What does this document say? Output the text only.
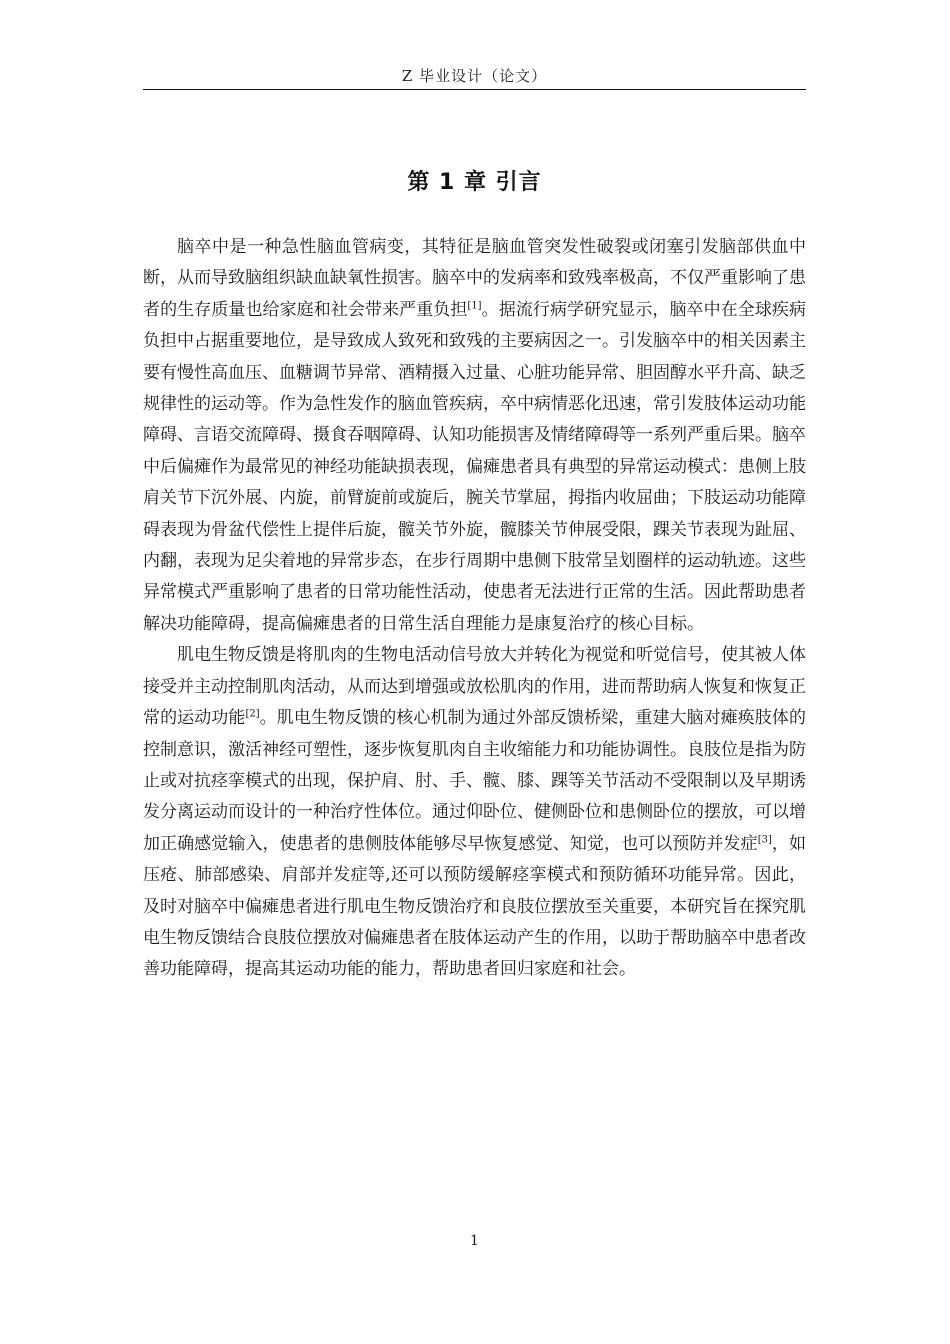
Z 毕业设计（论文）
第 1 章 引言

脑卒中是一种急性脑血管病变，其特征是脑血管突发性破裂或闭塞引发脑部供血中断，从而导致脑组织缺血缺氧性损害。脑卒中的发病率和致残率极高，不仅严重影响了患者的生存质量也给家庭和社会带来严重负担[1]。据流行病学研究显示，脑卒中在全球疾病负担中占据重要地位，是导致成人致死和致残的主要病因之一。引发脑卒中的相关因素主要有慢性高血压、血糖调节异常、酒精摄入过量、心脏功能异常、胆固醇水平升高、缺乏规律性的运动等。作为急性发作的脑血管疾病，卒中病情恶化迅速，常引发肢体运动功能障碍、言语交流障碍、摄食吞咽障碍、认知功能损害及情绪障碍等一系列严重后果。脑卒中后偏瘫作为最常见的神经功能缺损表现，偏瘫患者具有典型的异常运动模式：患侧上肢肩关节下沉外展、内旋，前臂旋前或旋后，腕关节掌屈，拇指内收屈曲；下肢运动功能障碍表现为骨盆代偿性上提伴后旋，髋关节外旋，髋膝关节伸展受限，踝关节表现为趾屈、内翻，表现为足尖着地的异常步态，在步行周期中患侧下肢常呈划圈样的运动轨迹。这些异常模式严重影响了患者的日常功能性活动，使患者无法进行正常的生活。因此帮助患者解决功能障碍，提高偏瘫患者的日常生活自理能力是康复治疗的核心目标。

肌电生物反馈是将肌肉的生物电活动信号放大并转化为视觉和听觉信号，使其被人体接受并主动控制肌肉活动，从而达到增强或放松肌肉的作用，进而帮助病人恢复和恢复正常的运动功能[2]。肌电生物反馈的核心机制为通过外部反馈桥梁，重建大脑对瘫痪肢体的控制意识，激活神经可塑性，逐步恢复肌肉自主收缩能力和功能协调性。良肢位是指为防止或对抗痉挛模式的出现，保护肩、肘、手、髋、膝、踝等关节活动不受限制以及早期诱发分离运动而设计的一种治疗性体位。通过仰卧位、健侧卧位和患侧卧位的摆放，可以增加正确感觉输入，使患者的患侧肢体能够尽早恢复感觉、知觉，也可以预防并发症[3]，如压疮、肺部感染、肩部并发症等,还可以预防缓解痉挛模式和预防循环功能异常。因此，及时对脑卒中偏瘫患者进行肌电生物反馈治疗和良肢位摆放至关重要，本研究旨在探究肌电生物反馈结合良肢位摆放对偏瘫患者在肢体运动产生的作用，以助于帮助脑卒中患者改善功能障碍，提高其运动功能的能力，帮助患者回归家庭和社会。

1
